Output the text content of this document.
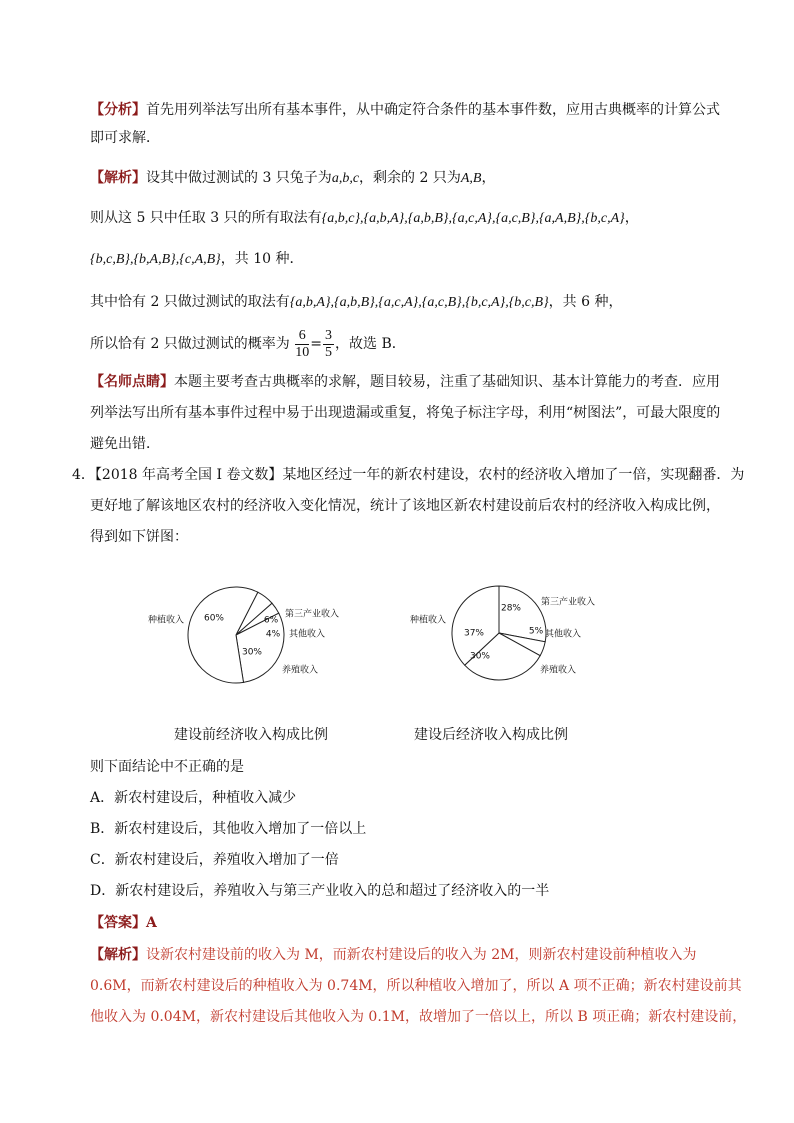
【分析】首先用列举法写出所有基本事件，从中确定符合条件的基本事件数，应用古典概率的计算公式
即可求解．
【解析】设其中做过测试的 3 只兔子为a,b,c，剩余的 2 只为A,B，
则从这 5 只中任取 3 只的所有取法有{a,b,c},{a,b,A},{a,b,B},{a,c,A},{a,c,B},{a,A,B},{b,c,A}，
{b,c,B},{b,A,B},{c,A,B}，共 10 种．
其中恰有 2 只做过测试的取法有{a,b,A},{a,b,B},{a,c,A},{a,c,B},{b,c,A},{b,c,B}，共 6 种，
所以恰有 2 只做过测试的概率为 $\frac{6}{10} = \frac{3}{5}$ ，故选 B．
【名师点睛】本题主要考查古典概率的求解，题目较易，注重了基础知识、基本计算能力的考查．应用
列举法写出所有基本事件过程中易于出现遗漏或重复，将兔子标注字母，利用“树图法”，可最大限度的
避免出错．
4．【2018 年高考全国 I 卷文数】某地区经过一年的新农村建设，农村的经济收入增加了一倍，实现翻番．为
更好地了解该地区农村的经济收入变化情况，统计了该地区新农村建设前后农村的经济收入构成比例，
得到如下饼图：
60%
种植收入	6%
第三产业收入
4% 其他收入
30%
养殖收入
37%
种植收入
28%
第三产业收入
5% 其他收入
30%
养殖收入
建设前经济收入构成比例	建设后经济收入构成比例
则下面结论中不正确的是
A．新农村建设后，种植收入减少
B．新农村建设后，其他收入增加了一倍以上
C．新农村建设后，养殖收入增加了一倍
D．新农村建设后，养殖收入与第三产业收入的总和超过了经济收入的一半
【答案】A
【解析】设新农村建设前的收入为 M，而新农村建设后的收入为 2M，则新农村建设前种植收入为
0.6M，而新农村建设后的种植收入为 0.74M，所以种植收入增加了，所以 A 项不正确；新农村建设前其
他收入为 0.04M，新农村建设后其他收入为 0.1M，故增加了一倍以上，所以 B 项正确；新农村建设前，
